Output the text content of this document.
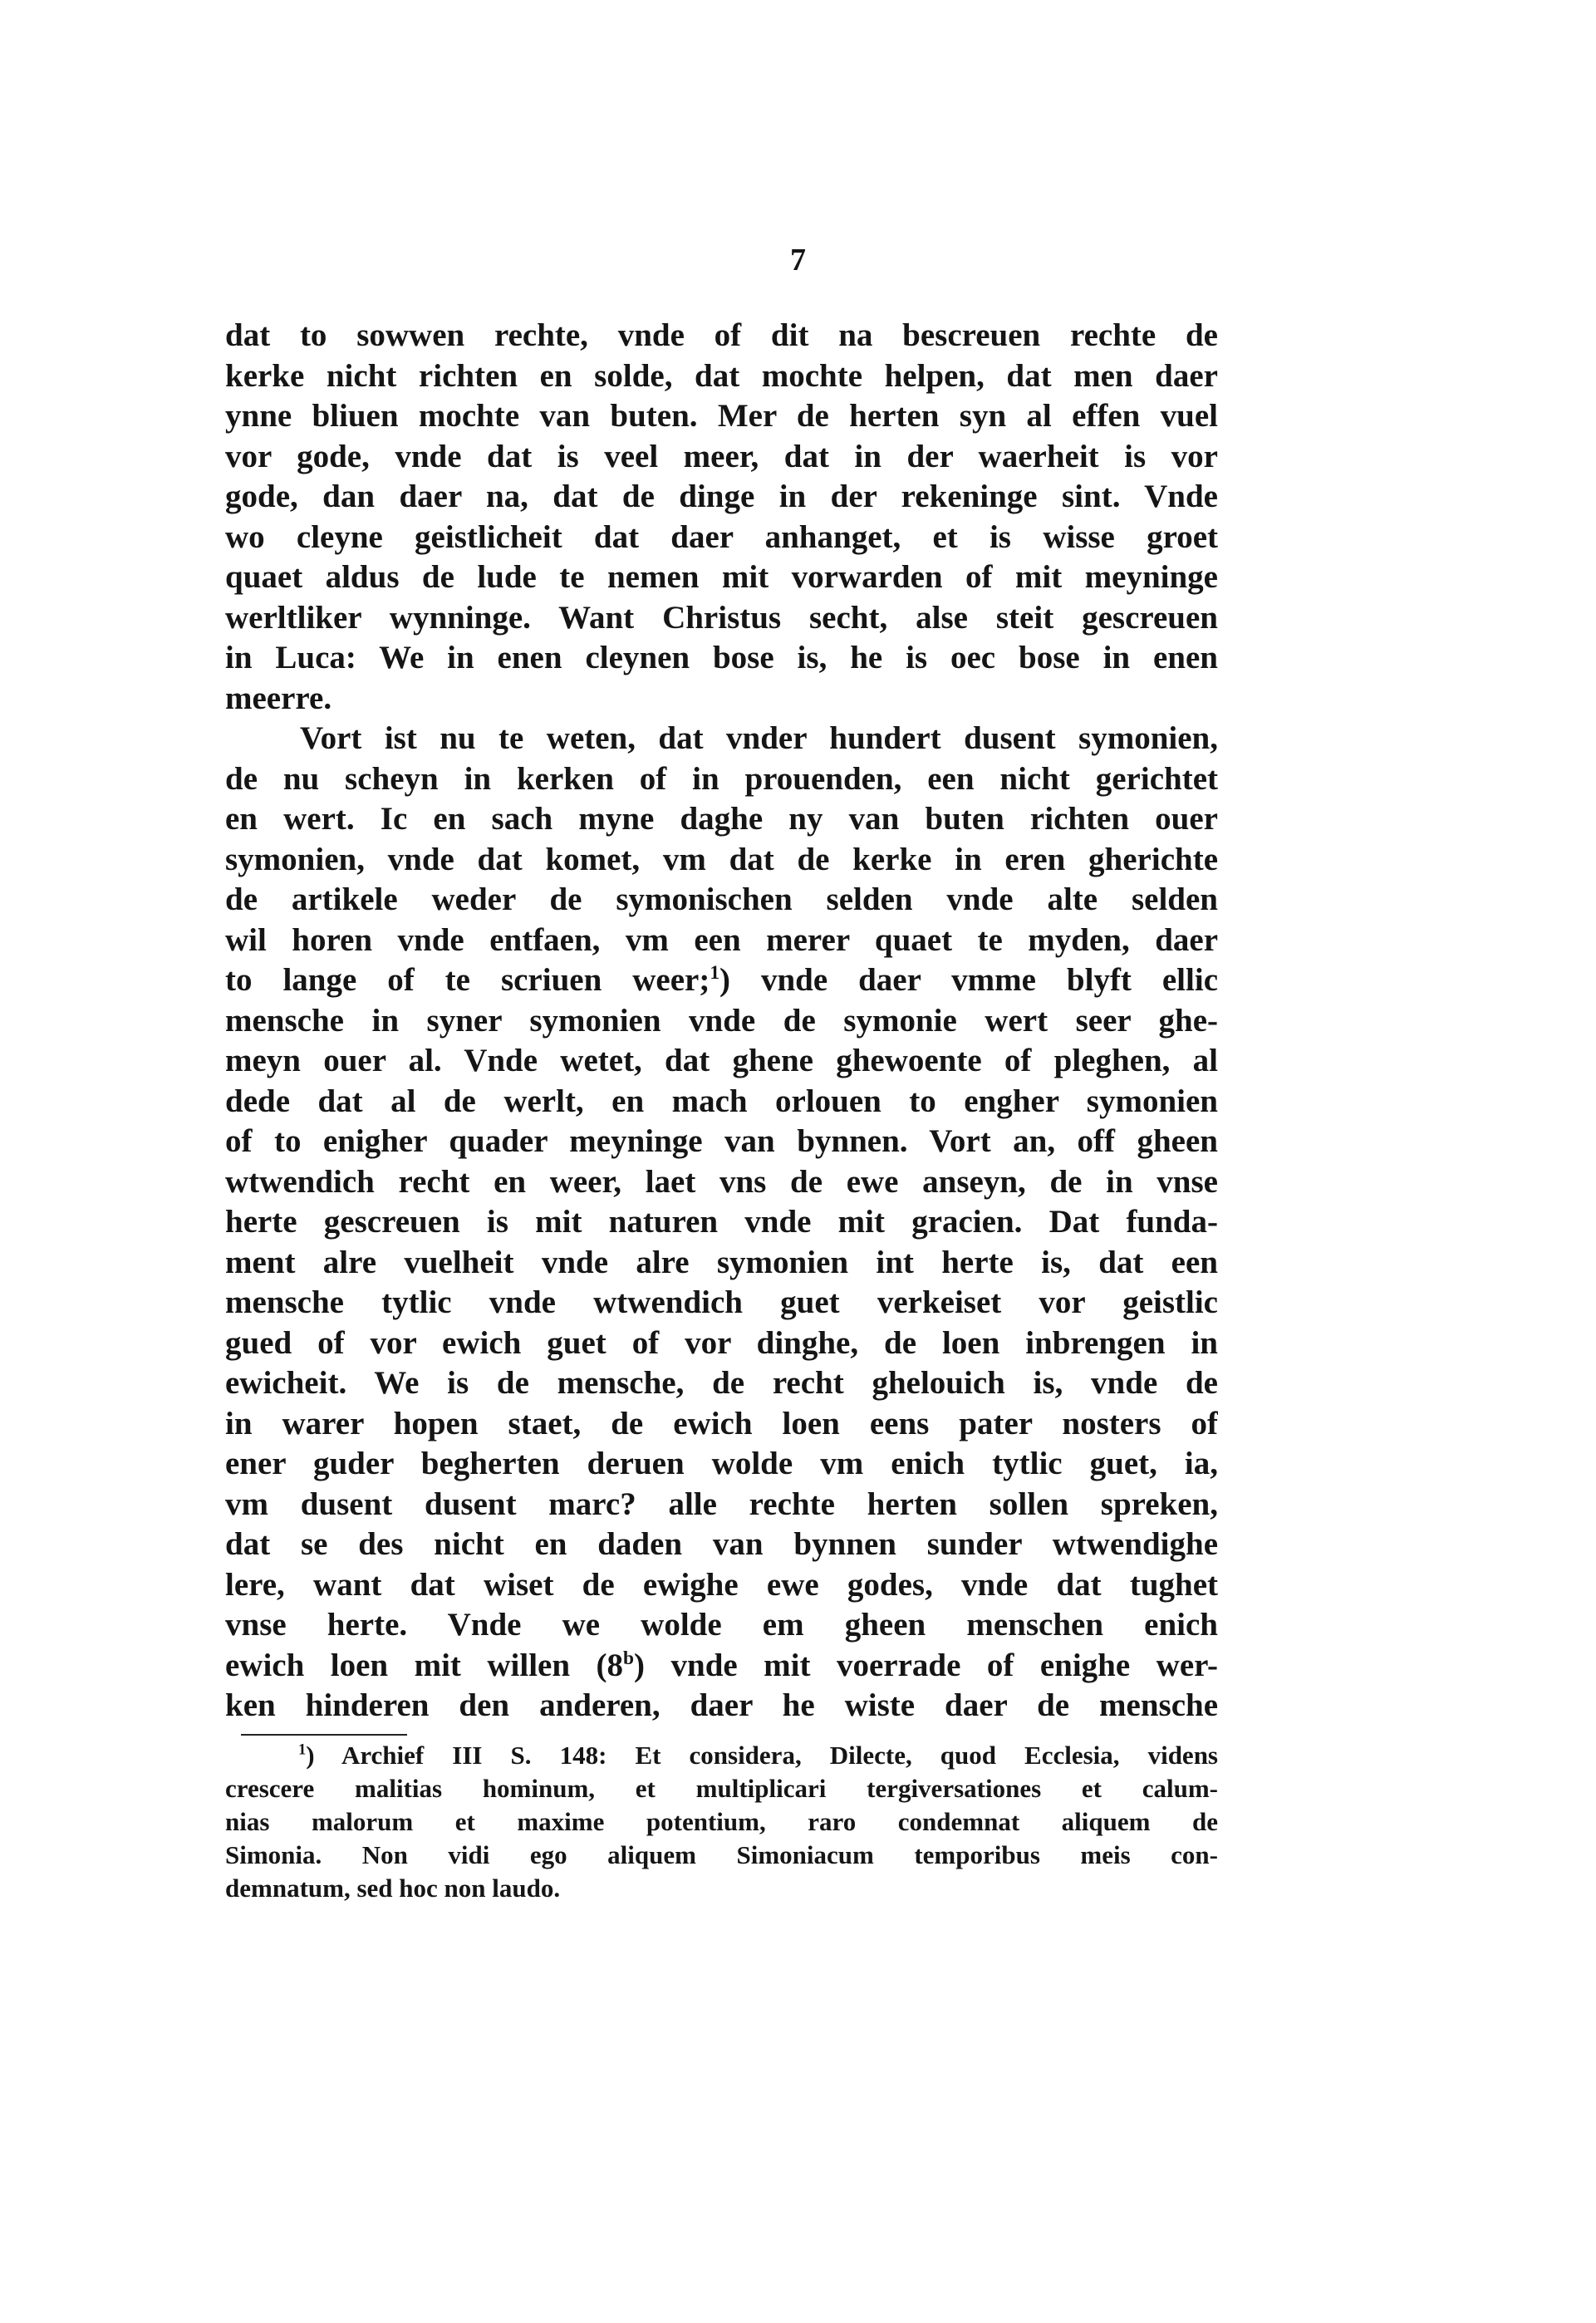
7
dat to sowwen rechte, vnde of dit na bescreuen rechte de
kerke nicht richten en solde, dat mochte helpen, dat men daer
ynne bliuen mochte van buten. Mer de herten syn al effen vuel
vor gode, vnde dat is veel meer, dat in der waerheit is vor
gode, dan daer na, dat de dinge in der rekeninge sint. Vnde
wo cleyne geistlicheit dat daer anhanget, et is wisse groet
quaet aldus de lude te nemen mit vorwarden of mit meyninge
werltliker wynninge. Want Christus secht, alse steit gescreuen
in Luca: We in enen cleynen bose is, he is oec bose in enen
meerre.
Vort ist nu te weten, dat vnder hundert dusent symonien,
de nu scheyn in kerken of in prouenden, een nicht gerichtet
en wert. Ic en sach myne daghe ny van buten richten ouer
symonien, vnde dat komet, vm dat de kerke in eren gherichte
de artikele weder de symonischen selden vnde alte selden
wil horen vnde entfaen, vm een merer quaet te myden, daer
to lange of te scriuen weer;$^1$) vnde daer vmme blyft ellic
mensche in syner symonien vnde de symonie wert seer ghe-
meyn ouer al. Vnde wetet, dat ghene ghewoente of pleghen, al
dede dat al de werlt, en mach orlouen to engher symonien
of to enigher quader meyninge van bynnen. Vort an, off gheen
wtwendich recht en weer, laet vns de ewe anseyn, de in vnse
herte gescreuen is mit naturen vnde mit gracien. Dat funda-
ment alre vuelheit vnde alre symonien int herte is, dat een
mensche tytlic vnde wtwendich guet verkeiset vor geistlic
gued of vor ewich guet of vor dinghe, de loen inbrengen in
ewicheit. We is de mensche, de recht ghelouich is, vnde de
in warer hopen staet, de ewich loen eens pater nosters of
ener guder begherten deruen wolde vm enich tytlic guet, ia,
vm dusent dusent marc? alle rechte herten sollen spreken,
dat se des nicht en daden van bynnen sunder wtwendighe
lere, want dat wiset de ewighe ewe godes, vnde dat tughet
vnse herte. Vnde we wolde em gheen menschen enich
ewich loen mit willen (8$^b$) vnde mit voerrade of enighe wer-
ken hinderen den anderen, daer he wiste daer de mensche
$^1$) Archief III S. 148: Et considera, Dilecte, quod Ecclesia, videns
crescere malitias hominum, et multiplicari tergiversationes et calum-
nias malorum et maxime potentium, raro condemnat aliquem de
Simonia. Non vidi ego aliquem Simoniacum temporibus meis con-
demnatum, sed hoc non laudo.
